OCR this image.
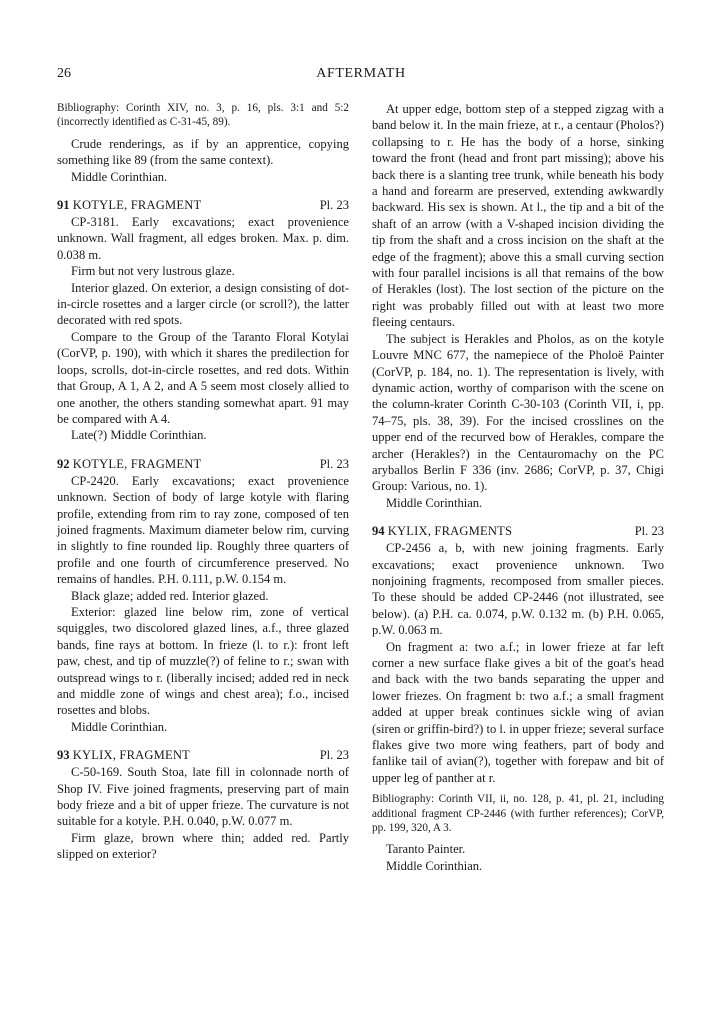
26	AFTERMATH

Bibliography: Corinth XIV, no. 3, p. 16, pls. 3:1 and 5:2 (incorrectly identified as C-31-45, 89).

Crude renderings, as if by an apprentice, copying something like 89 (from the same context).

Middle Corinthian.

91 KOTYLE, FRAGMENT	Pl. 23

CP-3181. Early excavations; exact provenience unknown. Wall fragment, all edges broken. Max. p. dim. 0.038 m.

Firm but not very lustrous glaze.

Interior glazed. On exterior, a design consisting of dot-in-circle rosettes and a larger circle (or scroll?), the latter decorated with red spots.

Compare to the Group of the Taranto Floral Kotylai (CorVP, p. 190), with which it shares the predilection for loops, scrolls, dot-in-circle rosettes, and red dots. Within that Group, A 1, A 2, and A 5 seem most closely allied to one another, the others standing somewhat apart. 91 may be compared with A 4.

Late(?) Middle Corinthian.

92 KOTYLE, FRAGMENT	Pl. 23

CP-2420. Early excavations; exact provenience unknown. Section of body of large kotyle with flaring profile, extending from rim to ray zone, composed of ten joined fragments. Maximum diameter below rim, curving in slightly to fine rounded lip. Roughly three quarters of profile and one fourth of circumference preserved. No remains of handles. P.H. 0.111, p.W. 0.154 m.

Black glaze; added red. Interior glazed.

Exterior: glazed line below rim, zone of vertical squiggles, two discolored glazed lines, a.f., three glazed bands, fine rays at bottom. In frieze (l. to r.): front left paw, chest, and tip of muzzle(?) of feline to r.; swan with outspread wings to r. (liberally incised; added red in neck and middle zone of wings and chest area); f.o., incised rosettes and blobs.

Middle Corinthian.

93 KYLIX, FRAGMENT	Pl. 23

C-50-169. South Stoa, late fill in colonnade north of Shop IV. Five joined fragments, preserving part of main body frieze and a bit of upper frieze. The curvature is not suitable for a kotyle. P.H. 0.040, p.W. 0.077 m.

Firm glaze, brown where thin; added red. Partly slipped on exterior?

At upper edge, bottom step of a stepped zigzag with a band below it. In the main frieze, at r., a centaur (Pholos?) collapsing to r. He has the body of a horse, sinking toward the front (head and front part missing); above his back there is a slanting tree trunk, while beneath his body a hand and forearm are preserved, extending awkwardly backward. His sex is shown. At l., the tip and a bit of the shaft of an arrow (with a V-shaped incision dividing the tip from the shaft and a cross incision on the shaft at the edge of the fragment); above this a small curving section with four parallel incisions is all that remains of the bow of Herakles (lost). The lost section of the picture on the right was probably filled out with at least two more fleeing centaurs.

The subject is Herakles and Pholos, as on the kotyle Louvre MNC 677, the namepiece of the Pholoë Painter (CorVP, p. 184, no. 1). The representation is lively, with dynamic action, worthy of comparison with the scene on the column-krater Corinth C-30-103 (Corinth VII, i, pp. 74–75, pls. 38, 39). For the incised crosslines on the upper end of the recurved bow of Herakles, compare the archer (Herakles?) in the Centauromachy on the PC aryballos Berlin F 336 (inv. 2686; CorVP, p. 37, Chigi Group: Various, no. 1).

Middle Corinthian.

94 KYLIX, FRAGMENTS	Pl. 23

CP-2456 a, b, with new joining fragments. Early excavations; exact provenience unknown. Two nonjoining fragments, recomposed from smaller pieces. To these should be added CP-2446 (not illustrated, see below). (a) P.H. ca. 0.074, p.W. 0.132 m. (b) P.H. 0.065, p.W. 0.063 m.

On fragment a: two a.f.; in lower frieze at far left corner a new surface flake gives a bit of the goat's head and back with the two bands separating the upper and lower friezes. On fragment b: two a.f.; a small fragment added at upper break continues sickle wing of avian (siren or griffin-bird?) to l. in upper frieze; several surface flakes give two more wing feathers, part of body and fanlike tail of avian(?), together with forepaw and bit of upper leg of panther at r.

Bibliography: Corinth VII, ii, no. 128, p. 41, pl. 21, including additional fragment CP-2446 (with further references); CorVP, pp. 199, 320, A 3.

Taranto Painter.

Middle Corinthian.
